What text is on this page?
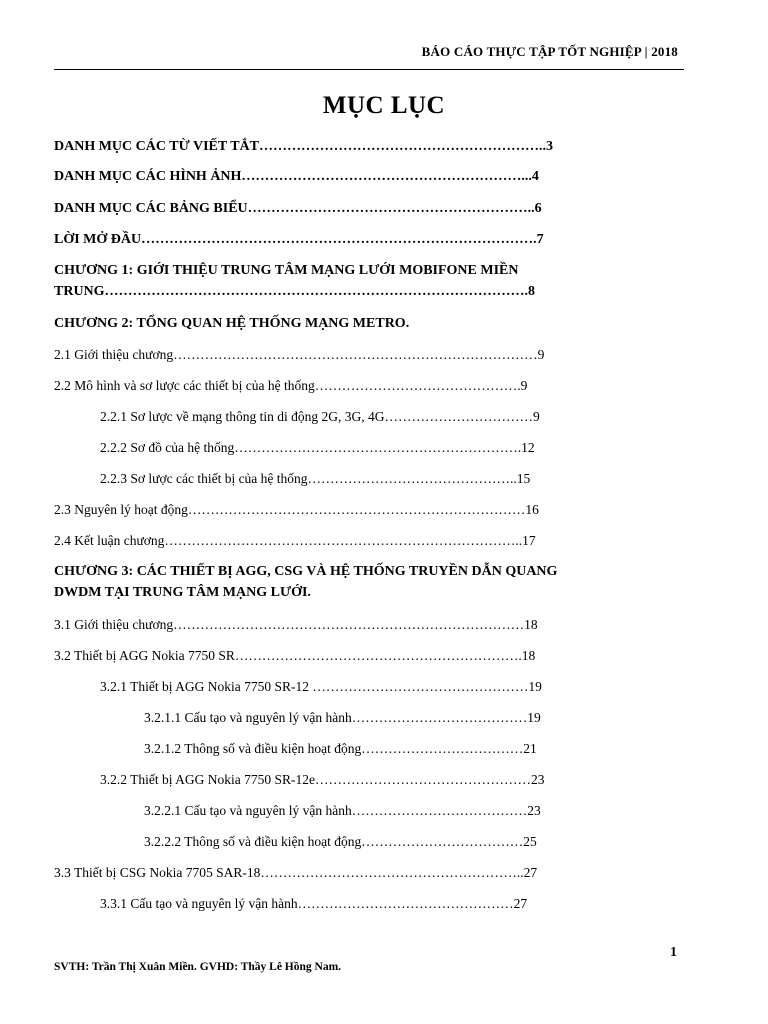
BÁO CÁO THỰC TẬP TỐT NGHIỆP | 2018
MỤC LỤC
DANH MỤC CÁC TỪ VIẾT TẮT……………………………………………………..3
DANH MỤC CÁC HÌNH ẢNH……………………………………………………...4
DANH MỤC CÁC BẢNG BIỂU……………………………………………………..6
LỜI MỞ ĐẦU………………………………………………………………………….7
CHƯƠNG 1: GIỚI THIỆU TRUNG TÂM MẠNG LƯỚI MOBIFONE MIỀN
TRUNG……………………………………………………………………………….8
CHƯƠNG 2: TỔNG QUAN HỆ THỐNG MẠNG METRO.
2.1 Giới thiệu chương………………………………………………………………………9
2.2 Mô hình và sơ lược các thiết bị của hệ thống……………………………………….9
2.2.1 Sơ lược về mạng thông tin di động 2G, 3G, 4G……………………………9
2.2.2 Sơ đồ của hệ thống……………………………………………………….12
2.2.3 Sơ lược các thiết bị của hệ thống………………………………………..15
2.3 Nguyên lý hoạt động…………………………………………………………………16
2.4 Kết luận chương……………………………………………………………………..17
CHƯƠNG 3: CÁC THIẾT BỊ AGG, CSG VÀ HỆ THỐNG TRUYỀN DẪN QUANG
DWDM TẠI TRUNG TÂM MẠNG LƯỚI.
3.1 Giới thiệu chương……………………………………………………………………18
3.2 Thiết bị AGG Nokia 7750 SR……………………………………………………….18
3.2.1 Thiết bị AGG Nokia 7750 SR-12 …………………………………………19
3.2.1.1 Cấu tạo và nguyên lý vận hành…………………………………19
3.2.1.2 Thông số và điều kiện hoạt động………………………………21
3.2.2 Thiết bị AGG Nokia 7750 SR-12e…………………………………………23
3.2.2.1 Cấu tạo và nguyên lý vận hành…………………………………23
3.2.2.2 Thông số và điều kiện hoạt động………………………………25
3.3 Thiết bị CSG Nokia 7705 SAR-18…………………………………………………..27
3.3.1 Cấu tạo và nguyên lý vận hành…………………………………………27
1
SVTH: Trần Thị Xuân Miền. GVHD: Thầy Lê Hồng Nam.
